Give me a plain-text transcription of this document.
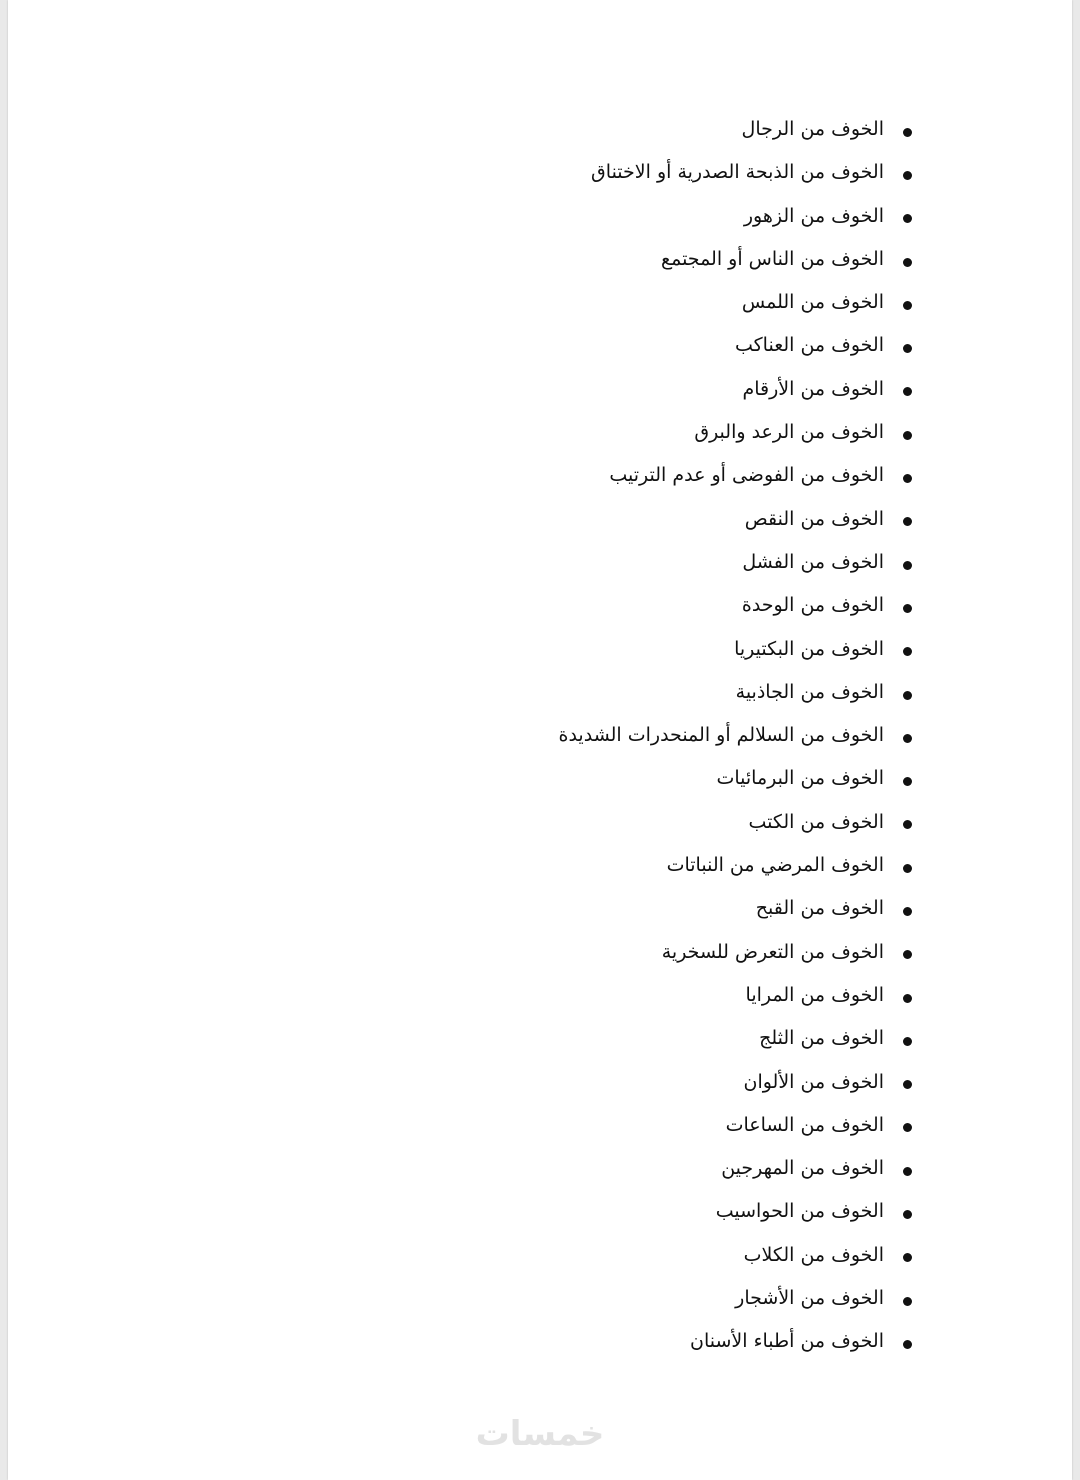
الخوف من الرجال
الخوف من الذبحة الصدرية أو الاختناق
الخوف من الزهور
الخوف من الناس أو المجتمع
الخوف من اللمس
الخوف من العناكب
الخوف من الأرقام
الخوف من الرعد والبرق
الخوف من الفوضى أو عدم الترتيب
الخوف من النقص
الخوف من الفشل
الخوف من الوحدة
الخوف من البكتيريا
الخوف من الجاذبية
الخوف من السلالم أو المنحدرات الشديدة
الخوف من البرمائيات
الخوف من الكتب
الخوف المرضي من النباتات
الخوف من القبح
الخوف من التعرض للسخرية
الخوف من المرايا
الخوف من الثلج
الخوف من الألوان
الخوف من الساعات
الخوف من المهرجين
الخوف من الحواسيب
الخوف من الكلاب
الخوف من الأشجار
الخوف من أطباء الأسنان
خمسات
